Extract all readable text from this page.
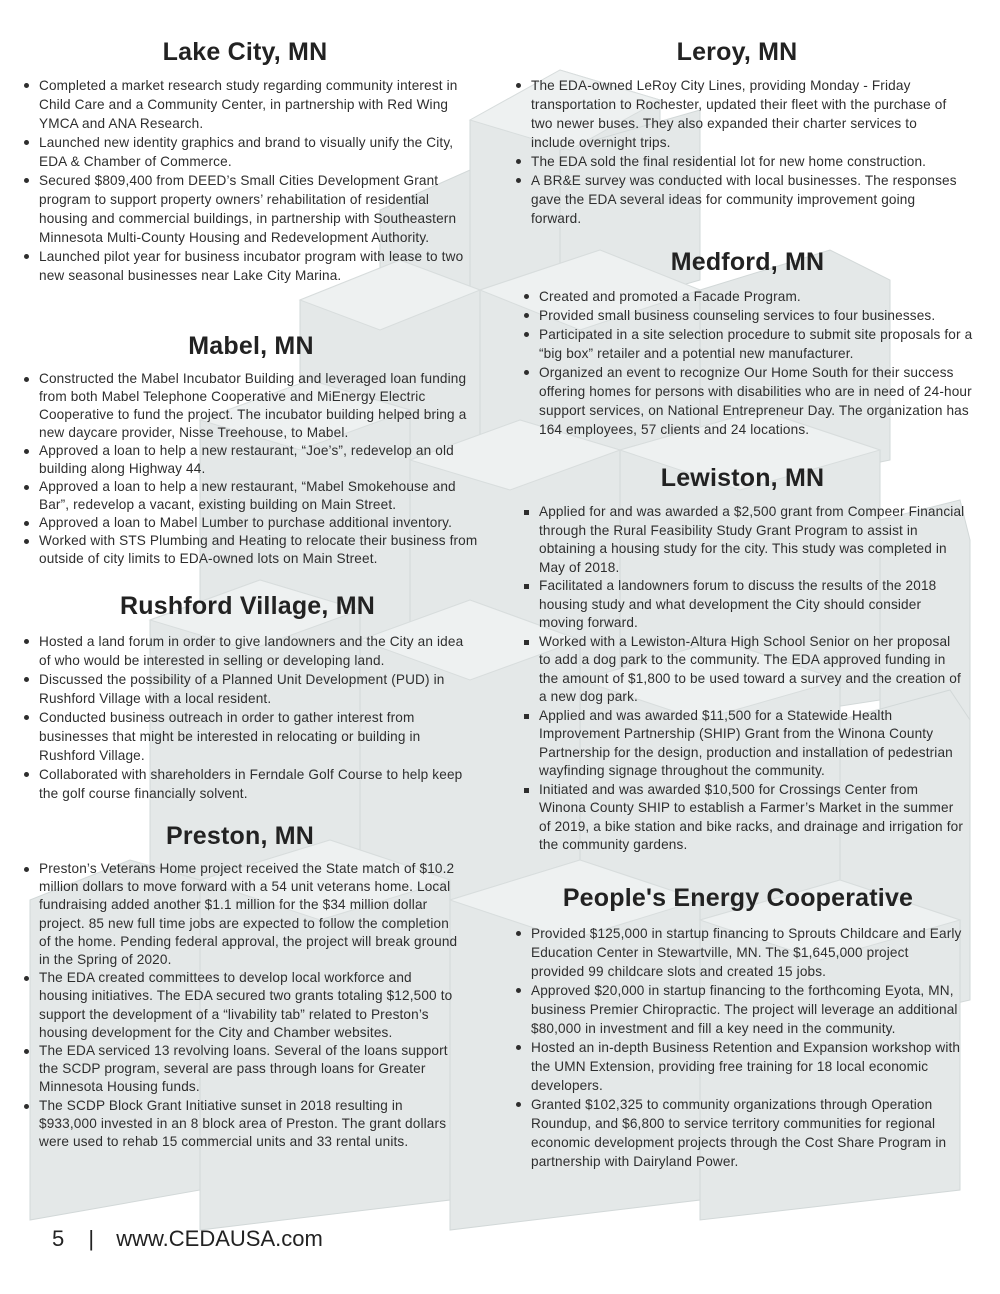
Lake City, MN
Completed a market research study regarding community interest in Child Care and a Community Center, in partnership with Red Wing YMCA and ANA Research.
Launched new identity graphics and brand to visually unify the City, EDA & Chamber of Commerce.
Secured $809,400 from DEED’s Small Cities Development Grant program to support property owners’ rehabilitation of residential housing and commercial buildings, in partnership with Southeastern Minnesota Multi-County Housing and Redevelopment Authority.
Launched pilot year for business incubator program with lease to two new seasonal businesses near Lake City Marina.
Mabel, MN
Constructed the Mabel Incubator Building and leveraged loan funding from both Mabel Telephone Cooperative and MiEnergy Electric Cooperative to fund the project. The incubator building helped bring a new daycare provider, Nisse Treehouse, to Mabel.
Approved a loan to help a new restaurant, “Joe’s”, redevelop an old building along Highway 44.
Approved a loan to help a new restaurant, “Mabel Smokehouse and Bar”, redevelop a vacant, existing building on Main Street.
Approved a loan to Mabel Lumber to purchase additional inventory.
Worked with STS Plumbing and Heating to relocate their business from outside of city limits to EDA-owned lots on Main Street.
Rushford Village, MN
Hosted a land forum in order to give landowners and the City an idea of who would be interested in selling or developing land.
Discussed the possibility of a Planned Unit Development (PUD) in Rushford Village with a local resident.
Conducted business outreach in order to gather interest from businesses that might be interested in relocating or building in Rushford Village.
Collaborated with shareholders in Ferndale Golf Course to help keep the golf course financially solvent.
Preston, MN
Preston’s Veterans Home project received the State match of $10.2 million dollars to move forward with a 54 unit veterans home. Local fundraising added another $1.1 million for the $34 million dollar project. 85 new full time jobs are expected to follow the completion of the home. Pending federal approval, the project will break ground in the Spring of 2020.
The EDA created committees to develop local workforce and housing initiatives. The EDA secured two grants totaling $12,500 to support the development of a “livability tab” related to Preston’s housing development for the City and Chamber websites.
The EDA serviced 13 revolving loans. Several of the loans support the SCDP program, several are pass through loans for Greater Minnesota Housing funds.
The SCDP Block Grant Initiative sunset in 2018 resulting in $933,000 invested in an 8 block area of Preston. The grant dollars were used to rehab 15 commercial units and 33 rental units.
Leroy, MN
The EDA-owned LeRoy City Lines, providing Monday - Friday transportation to Rochester, updated their fleet with the purchase of two newer buses. They also expanded their charter services to include overnight trips.
The EDA sold the final residential lot for new home construction.
A BR&E survey was conducted with local businesses. The responses gave the EDA several ideas for community improvement going forward.
Medford, MN
Created and promoted a Facade Program.
Provided small business counseling services to four businesses.
Participated in a site selection procedure to submit site proposals for a “big box” retailer and a potential new manufacturer.
Organized an event to recognize Our Home South for their success offering homes for persons with disabilities who are in need of 24-hour support services, on National Entrepreneur Day. The organization has 164 employees, 57 clients and 24 locations.
Lewiston, MN
Applied for and was awarded a $2,500 grant from Compeer Financial through the Rural Feasibility Study Grant Program to assist in obtaining a housing study for the city. This study was completed in May of 2018.
Facilitated a landowners forum to discuss the results of the 2018 housing study and what development the City should consider moving forward.
Worked with a Lewiston-Altura High School Senior on her proposal to add a dog park to the community. The EDA approved funding in the amount of $1,800 to be used toward a survey and the creation of a new dog park.
Applied and was awarded $11,500 for a Statewide Health Improvement Partnership (SHIP) Grant from the Winona County Partnership for the design, production and installation of pedestrian wayfinding signage throughout the community.
Initiated and was awarded $10,500 for Crossings Center from Winona County SHIP to establish a Farmer’s Market in the summer of 2019, a bike station and bike racks, and drainage and irrigation for the community gardens.
People's Energy Cooperative
Provided $125,000 in startup financing to Sprouts Childcare and Early Education Center in Stewartville, MN. The $1,645,000 project provided 99 childcare slots and created 15 jobs.
Approved $20,000 in startup financing to the forthcoming Eyota, MN, business Premier Chiropractic. The project will leverage an additional $80,000 in investment and fill a key need in the community.
Hosted an in-depth Business Retention and Expansion workshop with the UMN Extension, providing free training for 18 local economic developers.
Granted $102,325 to community organizations through Operation Roundup, and $6,800 to service territory communities for regional economic development projects through the Cost Share Program in partnership with Dairyland Power.
5 | www.CEDAUSA.com
